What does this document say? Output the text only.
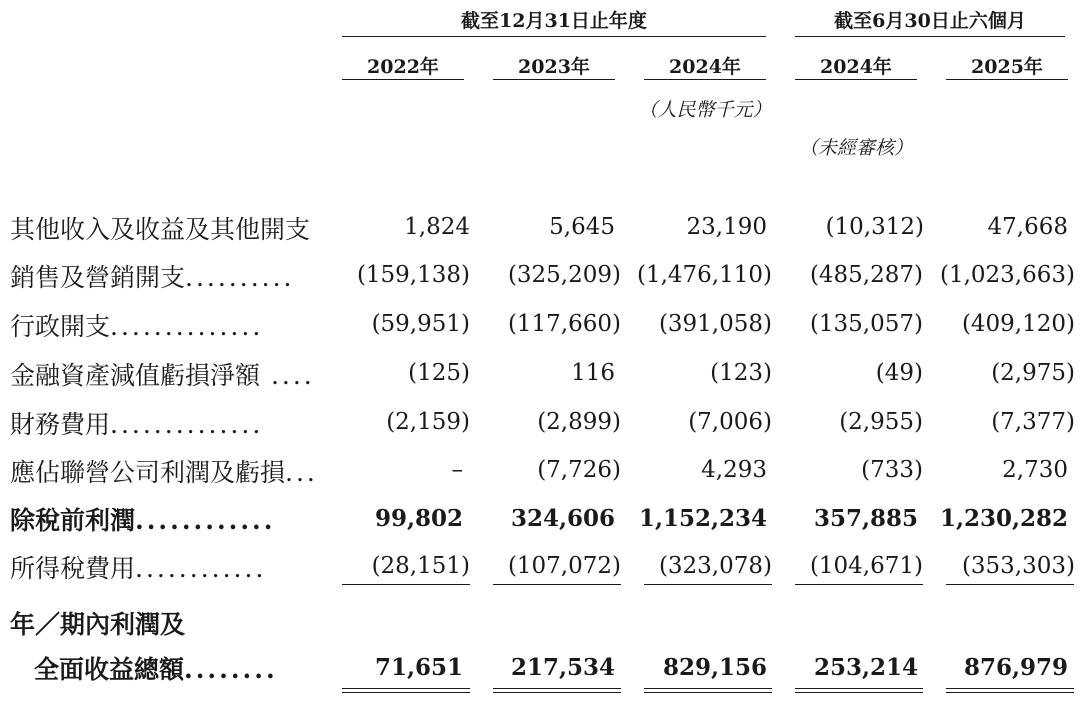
截至12月31日止年度	截至6月30日止六個月
2022年	2023年	2024年	2024年	2025年
（人民幣千元）
（未經審核）
其他收入及收益及其他開支	1,824	5,645	23,190	(10,312)	47,668
銷售及營銷開支..........	(159,138)	(325,209) (1,476,110)	(485,287) (1,023,663)
行政開支..............	(59,951)	(117,660)	(391,058)	(135,057)	(409,120)
金融資產減值虧損淨額 ....	(125)	116	(123)	(49)	(2,975)
財務費用..............	(2,159)	(2,899)	(7,006)	(2,955)	(7,377)
應佔聯營公司利潤及虧損...	–	(7,726)	4,293	(733)	2,730
除稅前利潤............	99,802	324,606	1,152,234	357,885 1,230,282
所得稅費用............	(28,151)	(107,072)	(323,078)	(104,671)	(353,303)
年／期內利潤及
全面收益總額........	71,651	217,534	829,156	253,214	876,979
